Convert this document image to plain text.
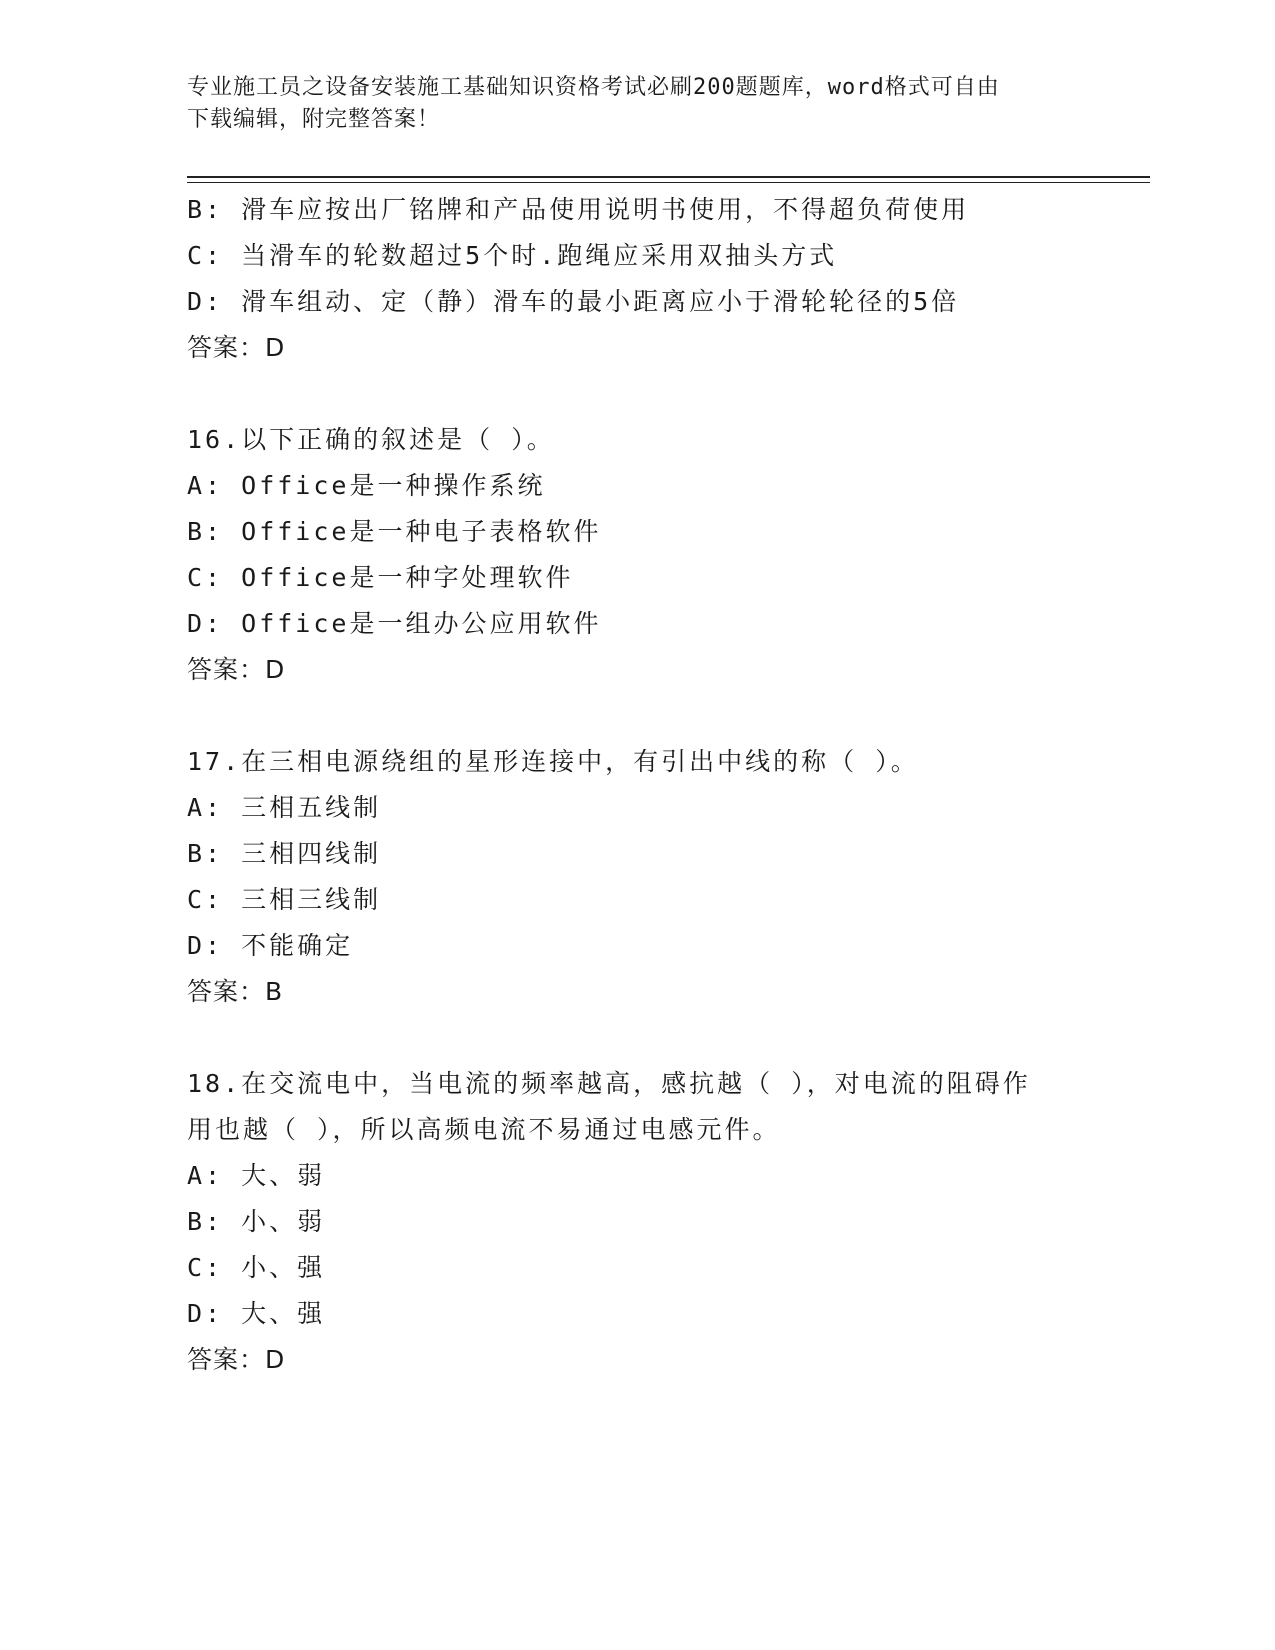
专业施工员之设备安装施工基础知识资格考试必刷200题题库，word格式可自由
下载编辑，附完整答案！
B: 滑车应按出厂铭牌和产品使用说明书使用，不得超负荷使用
C: 当滑车的轮数超过5个时.跑绳应采用双抽头方式
D: 滑车组动、定（静）滑车的最小距离应小于滑轮轮径的5倍
答案：D
16.以下正确的叙述是（ ）。
A: Office是一种操作系统
B: Office是一种电子表格软件
C: Office是一种字处理软件
D: Office是一组办公应用软件
答案：D
17.在三相电源绕组的星形连接中，有引出中线的称（ ）。
A: 三相五线制
B: 三相四线制
C: 三相三线制
D: 不能确定
答案：B
18.在交流电中，当电流的频率越高，感抗越（ ），对电流的阻碍作
用也越（ ），所以高频电流不易通过电感元件。
A: 大、弱
B: 小、弱
C: 小、强
D: 大、强
答案：D
